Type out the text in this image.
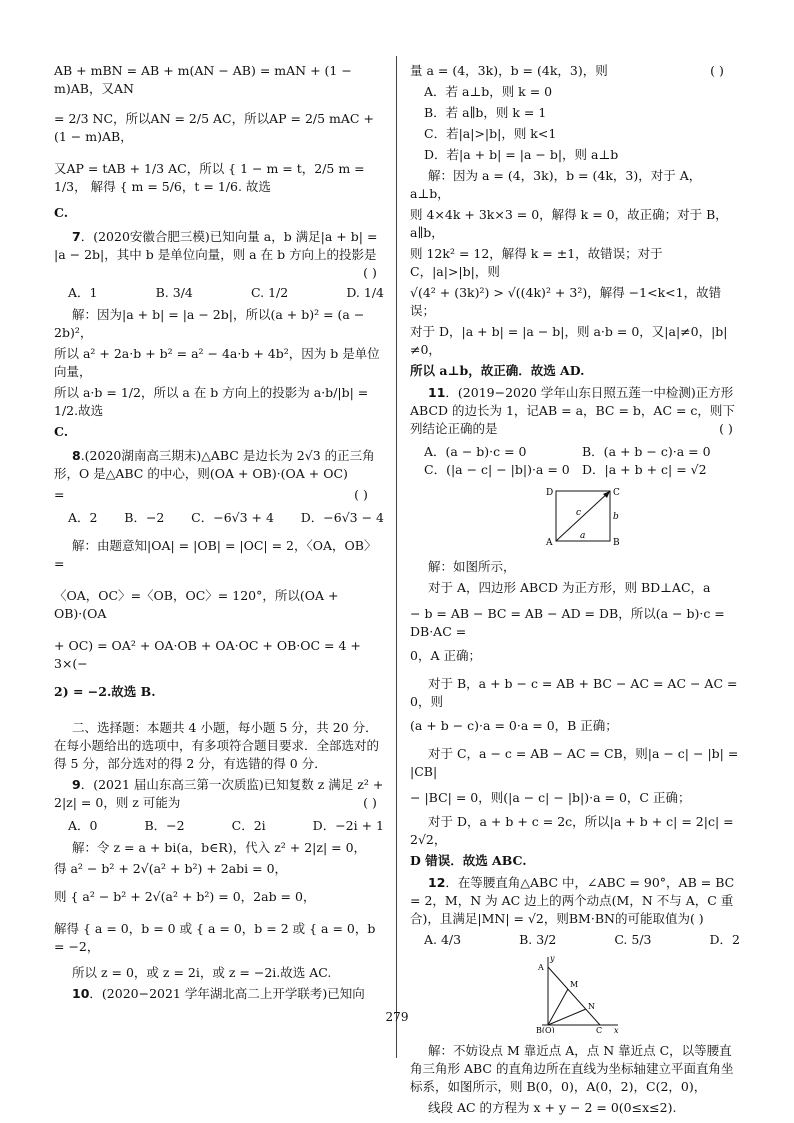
AB + mBN = AB + m(AN − AB) = mAN + (1 − m)AB，又AN

= 2/3 NC，所以AN = 2/5 AC，所以AP = 2/5 mAC + (1 − m)AB，

又AP = tAB + 1/3 AC，所以 { 1 − m = t，2/5 m = 1/3， 解得 { m = 5/6，t = 1/6. 故选

C.

7．(2020安徽合肥三模)已知向量 a，b 满足|a + b| = |a − 2b|，其中 b 是单位向量，则 a 在 b 方向上的投影是
( )

A．1	B. 3/4	C. 1/2	D. 1/4

解：因为|a + b| = |a − 2b|，所以(a + b)² = (a − 2b)²，

所以 a² + 2a·b + b² = a² − 4a·b + 4b²，因为 b 是单位向量，

所以 a·b = 1/2，所以 a 在 b 方向上的投影为 a·b/|b| = 1/2.故选

C.

8.(2020湖南高三期末)△ABC 是边长为 2√3 的正三角形，O 是△ABC 的中心，则(OA + OB)·(OA + OC)

=	( )

A．2 B．−2 C．−6√3 + 4 D．−6√3 − 4

解：由题意知|OA| = |OB| = |OC| = 2，〈OA，OB〉=

〈OA，OC〉=〈OB，OC〉= 120°，所以(OA + OB)·(OA

+ OC) = OA² + OA·OB + OA·OC + OB·OC = 4 + 3×(−

2) = −2.故选 B.

二、选择题：本题共 4 小题，每小题 5 分，共 20 分．在每小题给出的选项中，有多项符合题目要求．全部选对的得 5 分，部分选对的得 2 分，有选错的得 0 分．

9．(2021 届山东高三第一次质监)已知复数 z 满足 z² + 2|z| = 0，则 z 可能为	( )

A．0	B．−2	C．2i	D．−2i + 1

解：令 z = a + bi(a，b∈R)，代入 z² + 2|z| = 0，

得 a² − b² + 2√(a² + b²) + 2abi = 0，

则 { a² − b² + 2√(a² + b²) = 0，2ab = 0，

解得 { a = 0，b = 0 或 { a = 0，b = 2 或 { a = 0，b = −2，

所以 z = 0，或 z = 2i，或 z = −2i.故选 AC.

10．(2020−2021 学年湖北高二上开学联考)已知向

量 a = (4，3k)，b = (4k，3)，则	( )

A．若 a⊥b，则 k = 0

B．若 a∥b，则 k = 1

C．若|a|>|b|，则 k<1

D．若|a + b| = |a − b|，则 a⊥b

解：因为 a = (4，3k)，b = (4k，3)，对于 A，a⊥b，

则 4×4k + 3k×3 = 0，解得 k = 0，故正确；对于 B，a∥b，

则 12k² = 12，解得 k = ±1，故错误；对于 C，|a|>|b|，则

√(4² + (3k)²) > √((4k)² + 3²)，解得 −1<k<1，故错误；

对于 D，|a + b| = |a − b|，则 a·b = 0，又|a|≠0，|b|≠0，

所以 a⊥b，故正确．故选 AD.

11．(2019−2020 学年山东日照五莲一中检测)正方形 ABCD 的边长为 1，记AB = a，BC = b，AC = c，则下列结论正确的是	( )

A．(a − b)·c = 0	B．(a + b − c)·a = 0
C．(|a − c| − |b|)·a = 0 D．|a + b + c| = √2
D	C
A	B
c
a
b

解：如图所示，

对于 A，四边形 ABCD 为正方形，则 BD⊥AC，a

− b = AB − BC = AB − AD = DB，所以(a − b)·c = DB·AC =

0，A 正确；

对于 B，a + b − c = AB + BC − AC = AC − AC = 0，则

(a + b − c)·a = 0·a = 0，B 正确；

对于 C，a − c = AB − AC = CB，则|a − c| − |b| = |CB|

− |BC| = 0，则(|a − c| − |b|)·a = 0，C 正确；

对于 D，a + b + c = 2c，所以|a + b + c| = 2|c| = 2√2，

D 错误．故选 ABC.

12．在等腰直角△ABC 中，∠ABC = 90°，AB = BC = 2，M，N 为 AC 边上的两个动点(M，N 不与 A，C 重合)，且满足|MN| = √2，则BM·BN的可能取值为( )

A. 4/3	B. 3/2	C. 5/3	D．2
y
A
M
N
B(O)	C x

解：不妨设点 M 靠近点 A，点 N 靠近点 C，以等腰直角三角形 ABC 的直角边所在直线为坐标轴建立平面直角坐标系，如图所示，则 B(0，0)，A(0，2)，C(2，0)，

线段 AC 的方程为 x + y − 2 = 0(0≤x≤2).

279
